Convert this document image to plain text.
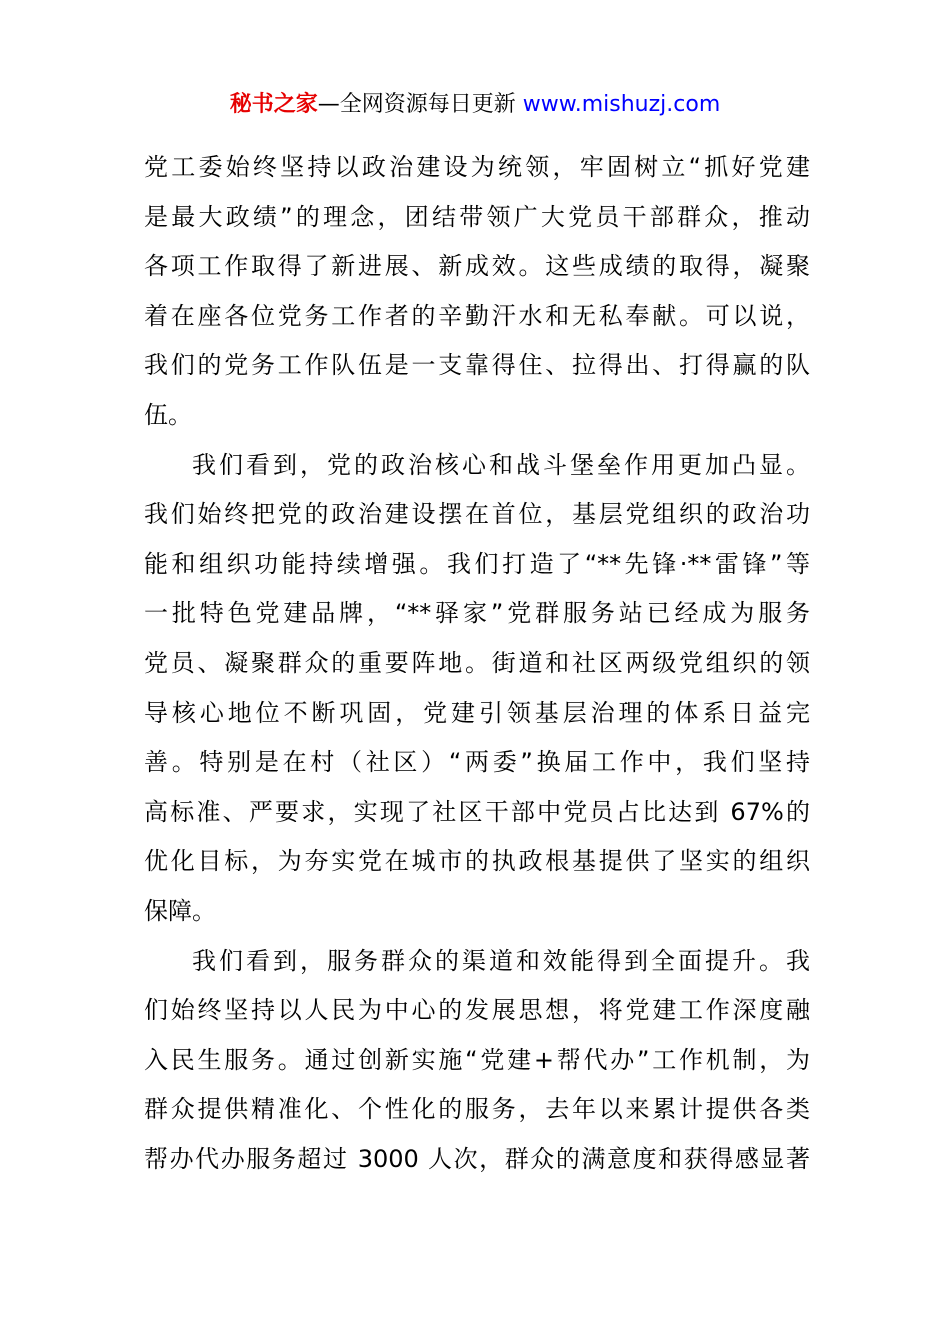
秘书之家—全网资源每日更新 www.mishuzj.com
党工委始终坚持以政治建设为统领，牢固树立“抓好党建
是最大政绩”的理念，团结带领广大党员干部群众，推动
各项工作取得了新进展、新成效。这些成绩的取得，凝聚
着在座各位党务工作者的辛勤汗水和无私奉献。可以说，
我们的党务工作队伍是一支靠得住、拉得出、打得赢的队
伍。
我们看到，党的政治核心和战斗堡垒作用更加凸显。
我们始终把党的政治建设摆在首位，基层党组织的政治功
能和组织功能持续增强。我们打造了“**先锋·**雷锋”等
一批特色党建品牌，“**驿家”党群服务站已经成为服务
党员、凝聚群众的重要阵地。街道和社区两级党组织的领
导核心地位不断巩固，党建引领基层治理的体系日益完
善。特别是在村（社区）“两委”换届工作中，我们坚持
高标准、严要求，实现了社区干部中党员占比达到 67%的
优化目标，为夯实党在城市的执政根基提供了坚实的组织
保障。
我们看到，服务群众的渠道和效能得到全面提升。我
们始终坚持以人民为中心的发展思想，将党建工作深度融
入民生服务。通过创新实施“党建+帮代办”工作机制，为
群众提供精准化、个性化的服务，去年以来累计提供各类
帮办代办服务超过 3000 人次，群众的满意度和获得感显著
